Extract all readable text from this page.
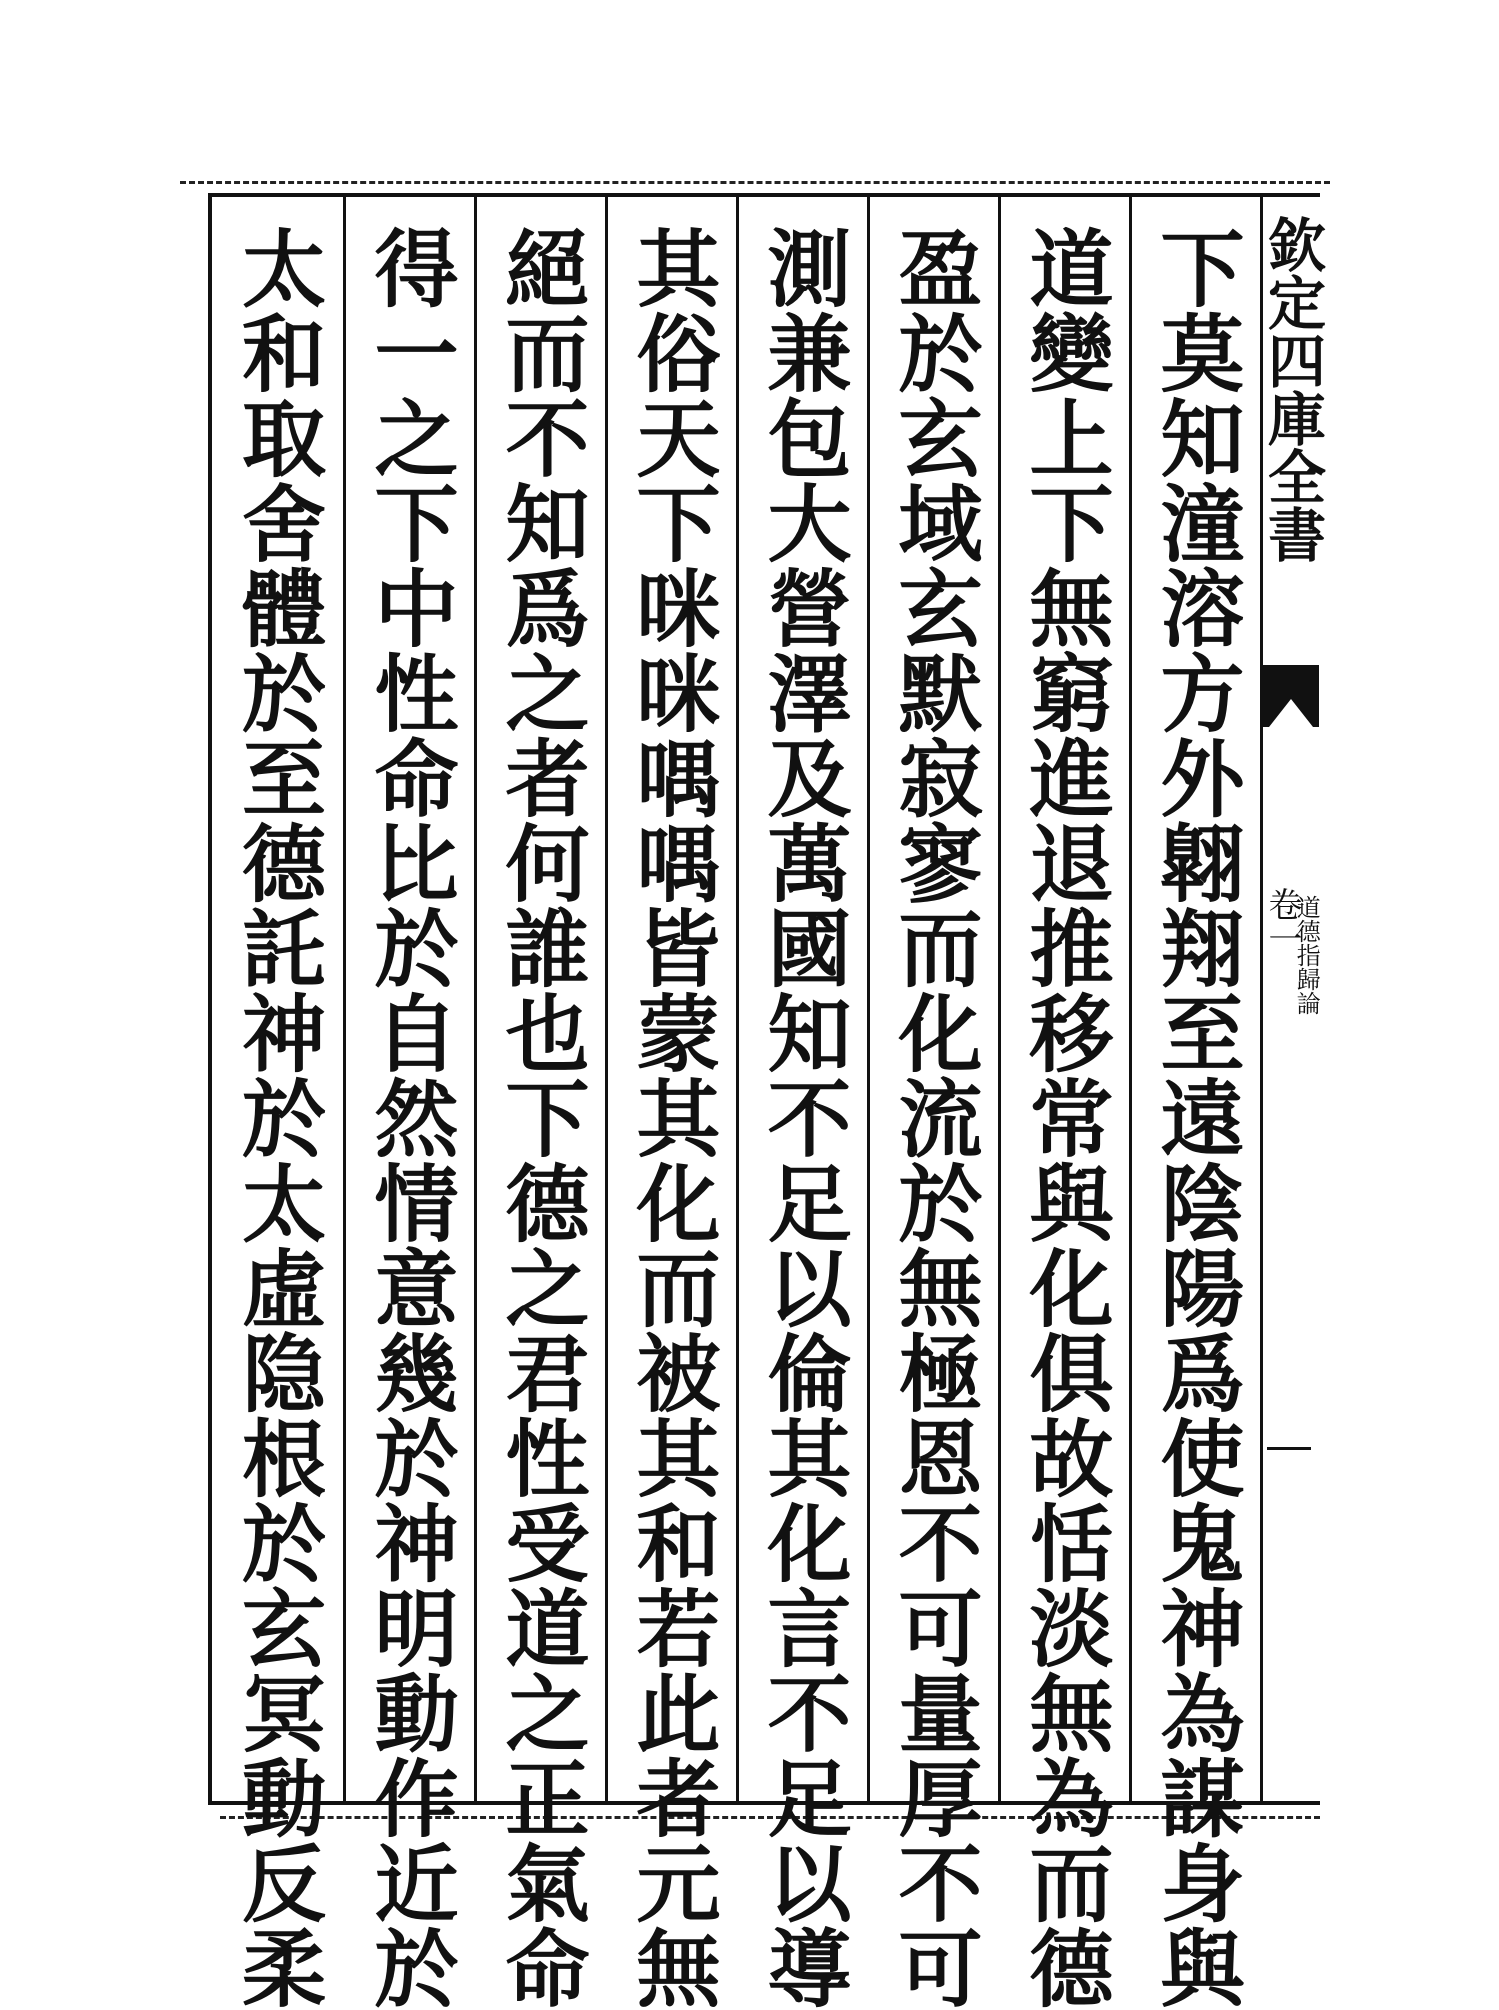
欽定四庫全書
卷一
道德指歸論
下莫知潼溶方外翺翔至遠陰陽爲使鬼神為謀身與
道變上下無窮進退推移常與化俱故恬淡無為而德
盈於玄域玄默寂寥而化流於無極恩不可量厚不可
測兼包大營澤及萬國知不足以倫其化言不足以導
其俗天下咪咪喁喁皆蒙其化而被其和若此者元無
絕而不知爲之者何誰也下德之君性受道之正氣命
得一之下中性命比於自然情意幾於神明動作近於
太和取舍體於至德託神於太虛隐根於玄冥動反柔
